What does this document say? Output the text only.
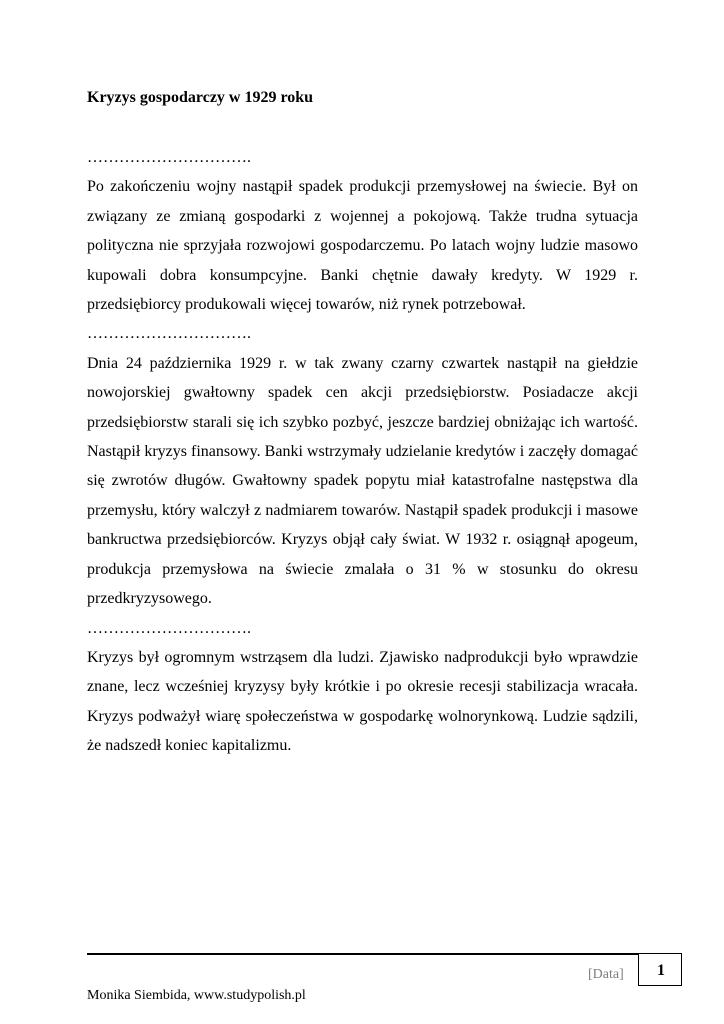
Kryzys gospodarczy w 1929 roku

………………………….

Po zakończeniu wojny nastąpił spadek produkcji przemysłowej na świecie. Był on związany ze zmianą gospodarki z wojennej a pokojową. Także trudna sytuacja polityczna nie sprzyjała rozwojowi gospodarczemu. Po latach wojny ludzie masowo kupowali dobra konsumpcyjne. Banki chętnie dawały kredyty. W 1929 r. przedsiębiorcy produkowali więcej towarów, niż rynek potrzebował.

………………………….

Dnia 24 października 1929 r. w tak zwany czarny czwartek nastąpił na giełdzie nowojorskiej gwałtowny spadek cen akcji przedsiębiorstw. Posiadacze akcji przedsiębiorstw starali się ich szybko pozbyć, jeszcze bardziej obniżając ich wartość. Nastąpił kryzys finansowy. Banki wstrzymały udzielanie kredytów i zaczęły domagać się zwrotów długów. Gwałtowny spadek popytu miał katastrofalne następstwa dla przemysłu, który walczył z nadmiarem towarów. Nastąpił spadek produkcji i masowe bankructwa przedsiębiorców. Kryzys objął cały świat. W 1932 r. osiągnął apogeum, produkcja przemysłowa na świecie zmalała o 31 % w stosunku do okresu przedkryzysowego.

………………………….

Kryzys był ogromnym wstrząsem dla ludzi. Zjawisko nadprodukcji było wprawdzie znane, lecz wcześniej kryzysy były krótkie i po okresie recesji stabilizacja wracała. Kryzys podważył wiarę społeczeństwa w gospodarkę wolnorynkową. Ludzie sądzili, że nadszedł koniec kapitalizmu.

[Data]	1
Monika Siembida, www.studypolish.pl
